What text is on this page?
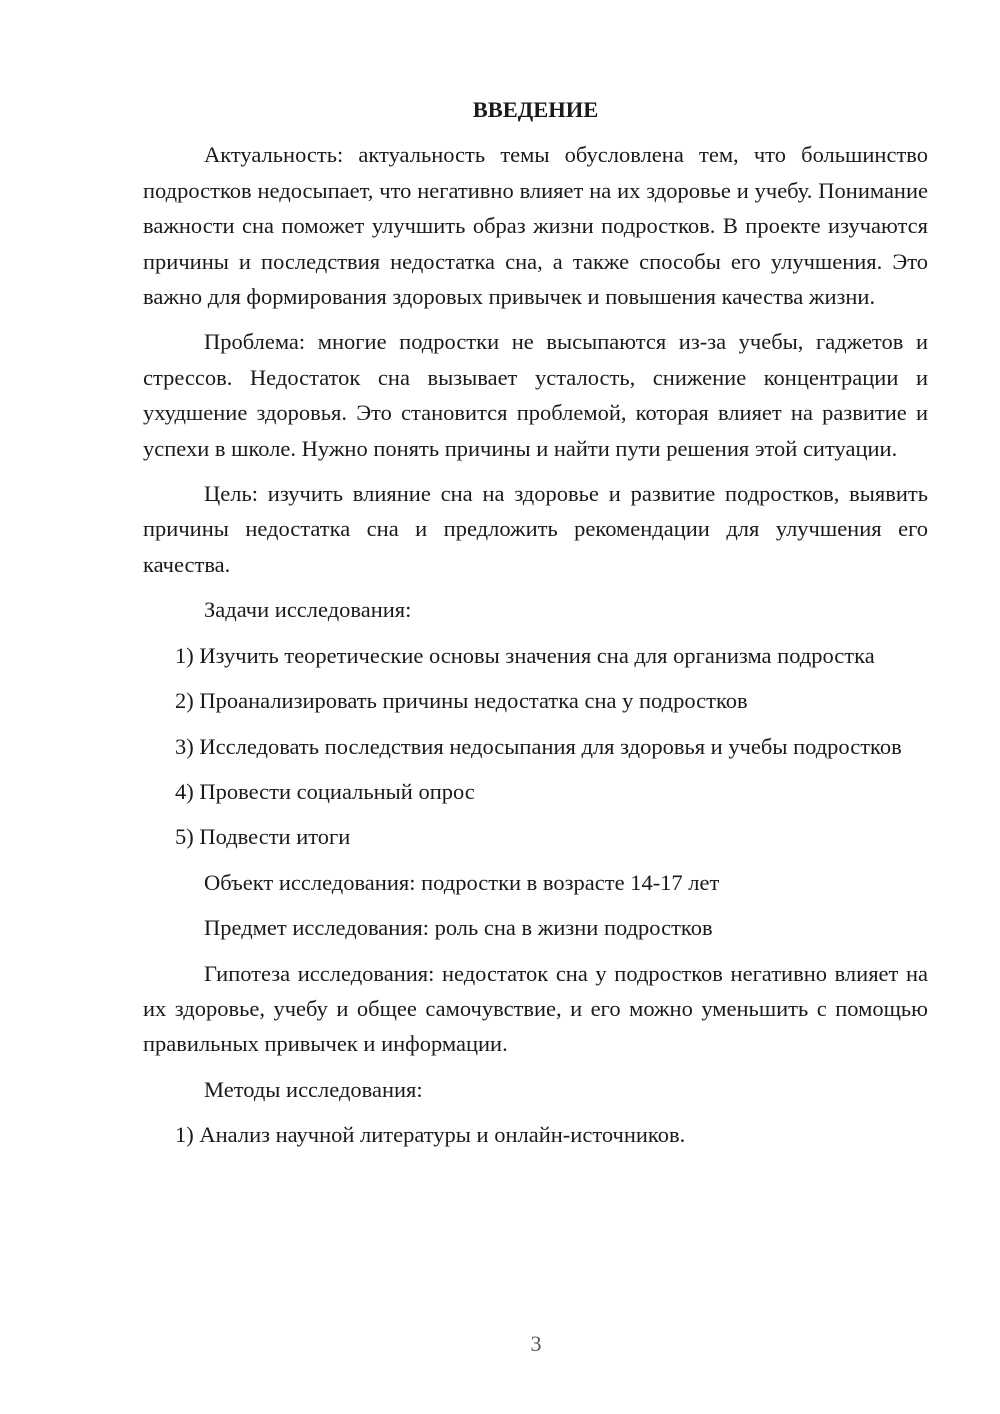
ВВЕДЕНИЕ

Актуальность: актуальность темы обусловлена тем, что большинство подростков недосыпает, что негативно влияет на их здоровье и учебу. Понимание важности сна поможет улучшить образ жизни подростков. В проекте изучаются причины и последствия недостатка сна, а также способы его улучшения. Это важно для формирования здоровых привычек и повышения качества жизни.

Проблема: многие подростки не высыпаются из-за учебы, гаджетов и стрессов. Недостаток сна вызывает усталость, снижение концентрации и ухудшение здоровья. Это становится проблемой, которая влияет на развитие и успехи в школе. Нужно понять причины и найти пути решения этой ситуации.

Цель: изучить влияние сна на здоровье и развитие подростков, выявить причины недостатка сна и предложить рекомендации для улучшения его качества.

Задачи исследования:

1) Изучить теоретические основы значения сна для организма подростка

2) Проанализировать причины недостатка сна у подростков

3) Исследовать последствия недосыпания для здоровья и учебы подростков

4) Провести социальный опрос

5) Подвести итоги

Объект исследования: подростки в возрасте 14-17 лет

Предмет исследования: роль сна в жизни подростков

Гипотеза исследования: недостаток сна у подростков негативно влияет на их здоровье, учебу и общее самочувствие, и его можно уменьшить с помощью правильных привычек и информации.

Методы исследования:

1) Анализ научной литературы и онлайн-источников.

3
